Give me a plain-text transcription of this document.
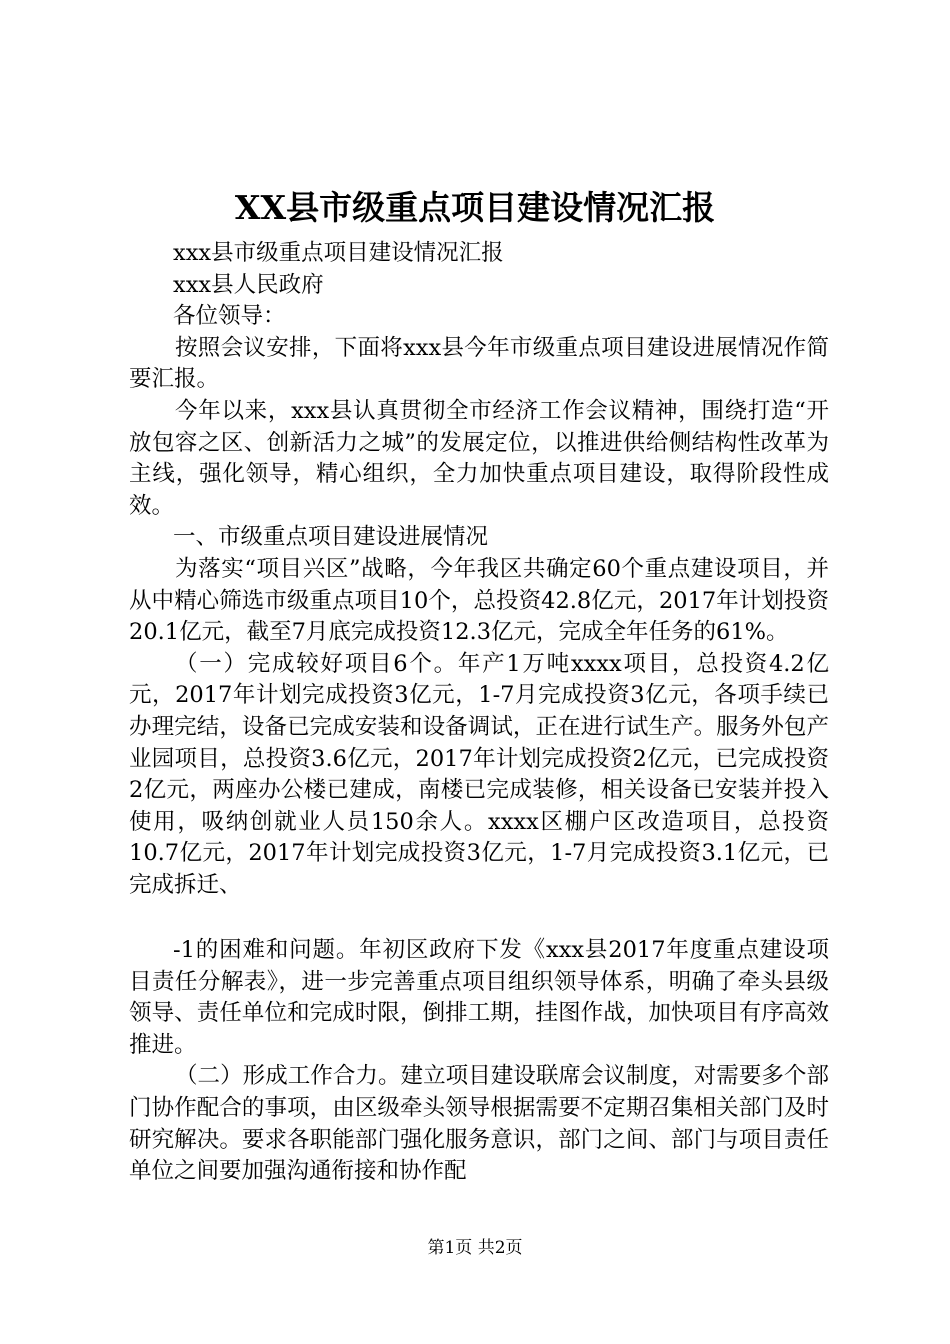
XX县市级重点项目建设情况汇报

xxx县市级重点项目建设情况汇报

xxx县人民政府

各位领导：

按照会议安排，下面将xxx县今年市级重点项目建设进展情况作简要汇报。

今年以来，xxx县认真贯彻全市经济工作会议精神，围绕打造“开放包容之区、创新活力之城”的发展定位，以推进供给侧结构性改革为主线，强化领导，精心组织，全力加快重点项目建设，取得阶段性成效。

一、市级重点项目建设进展情况

为落实“项目兴区”战略，今年我区共确定60个重点建设项目，并从中精心筛选市级重点项目10个，总投资42.8亿元，2017年计划投资20.1亿元，截至7月底完成投资12.3亿元，完成全年任务的61%。

（一）完成较好项目6个。年产1万吨xxxx项目，总投资4.2亿元，2017年计划完成投资3亿元，1-7月完成投资3亿元，各项手续已办理完结，设备已完成安装和设备调试，正在进行试生产。服务外包产业园项目，总投资3.6亿元，2017年计划完成投资2亿元，已完成投资2亿元，两座办公楼已建成，南楼已完成装修，相关设备已安装并投入使用，吸纳创就业人员150余人。xxxx区棚户区改造项目，总投资10.7亿元，2017年计划完成投资3亿元，1-7月完成投资3.1亿元，已完成拆迁、

-1的困难和问题。年初区政府下发《xxx县2017年度重点建设项目责任分解表》，进一步完善重点项目组织领导体系，明确了牵头县级领导、责任单位和完成时限，倒排工期，挂图作战，加快项目有序高效推进。

（二）形成工作合力。建立项目建设联席会议制度，对需要多个部门协作配合的事项，由区级牵头领导根据需要不定期召集相关部门及时研究解决。要求各职能部门强化服务意识，部门之间、部门与项目责任单位之间要加强沟通衔接和协作配

第1页 共2页
